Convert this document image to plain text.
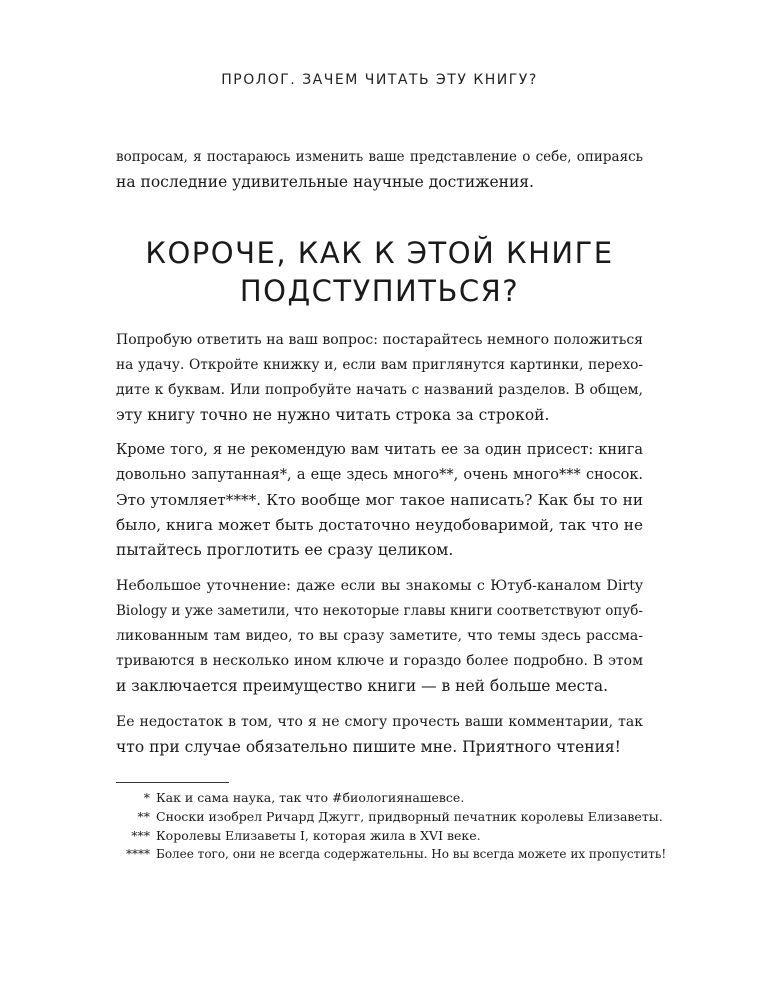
ПРОЛОГ. ЗАЧЕМ ЧИТАТЬ ЭТУ КНИГУ?
вопросам, я постараюсь изменить ваше представление о себе, опираясь
на последние удивительные научные достижения.
КОРОЧЕ, КАК К ЭТОЙ КНИГЕ
ПОДСТУПИТЬСЯ?
Попробую ответить на ваш вопрос: постарайтесь немного положиться
на удачу. Откройте книжку и, если вам приглянутся картинки, перехо-
дите к буквам. Или попробуйте начать с названий разделов. В общем,
эту книгу точно не нужно читать строка за строкой.
Кроме того, я не рекомендую вам читать ее за один присест: книга
довольно запутанная*, а еще здесь много**, очень много*** сносок.
Это утомляет****. Кто вообще мог такое написать? Как бы то ни
было, книга может быть достаточно неудобоваримой, так что не
пытайтесь проглотить ее сразу целиком.
Небольшое уточнение: даже если вы знакомы с Ютуб-каналом Dirty
Biology и уже заметили, что некоторые главы книги соответствуют опуб-
ликованным там видео, то вы сразу заметите, что темы здесь рассма-
триваются в несколько ином ключе и гораздо более подробно. В этом
и заключается преимущество книги — в ней больше места.
Ее недостаток в том, что я не смогу прочесть ваши комментарии, так
что при случае обязательно пишите мне. Приятного чтения!
* Как и сама наука, так что #биологиянашевсе.
** Сноски изобрел Ричард Джугг, придворный печатник королевы Елизаветы.
*** Королевы Елизаветы I, которая жила в XVI веке.
**** Более того, они не всегда содержательны. Но вы всегда можете их пропустить!
